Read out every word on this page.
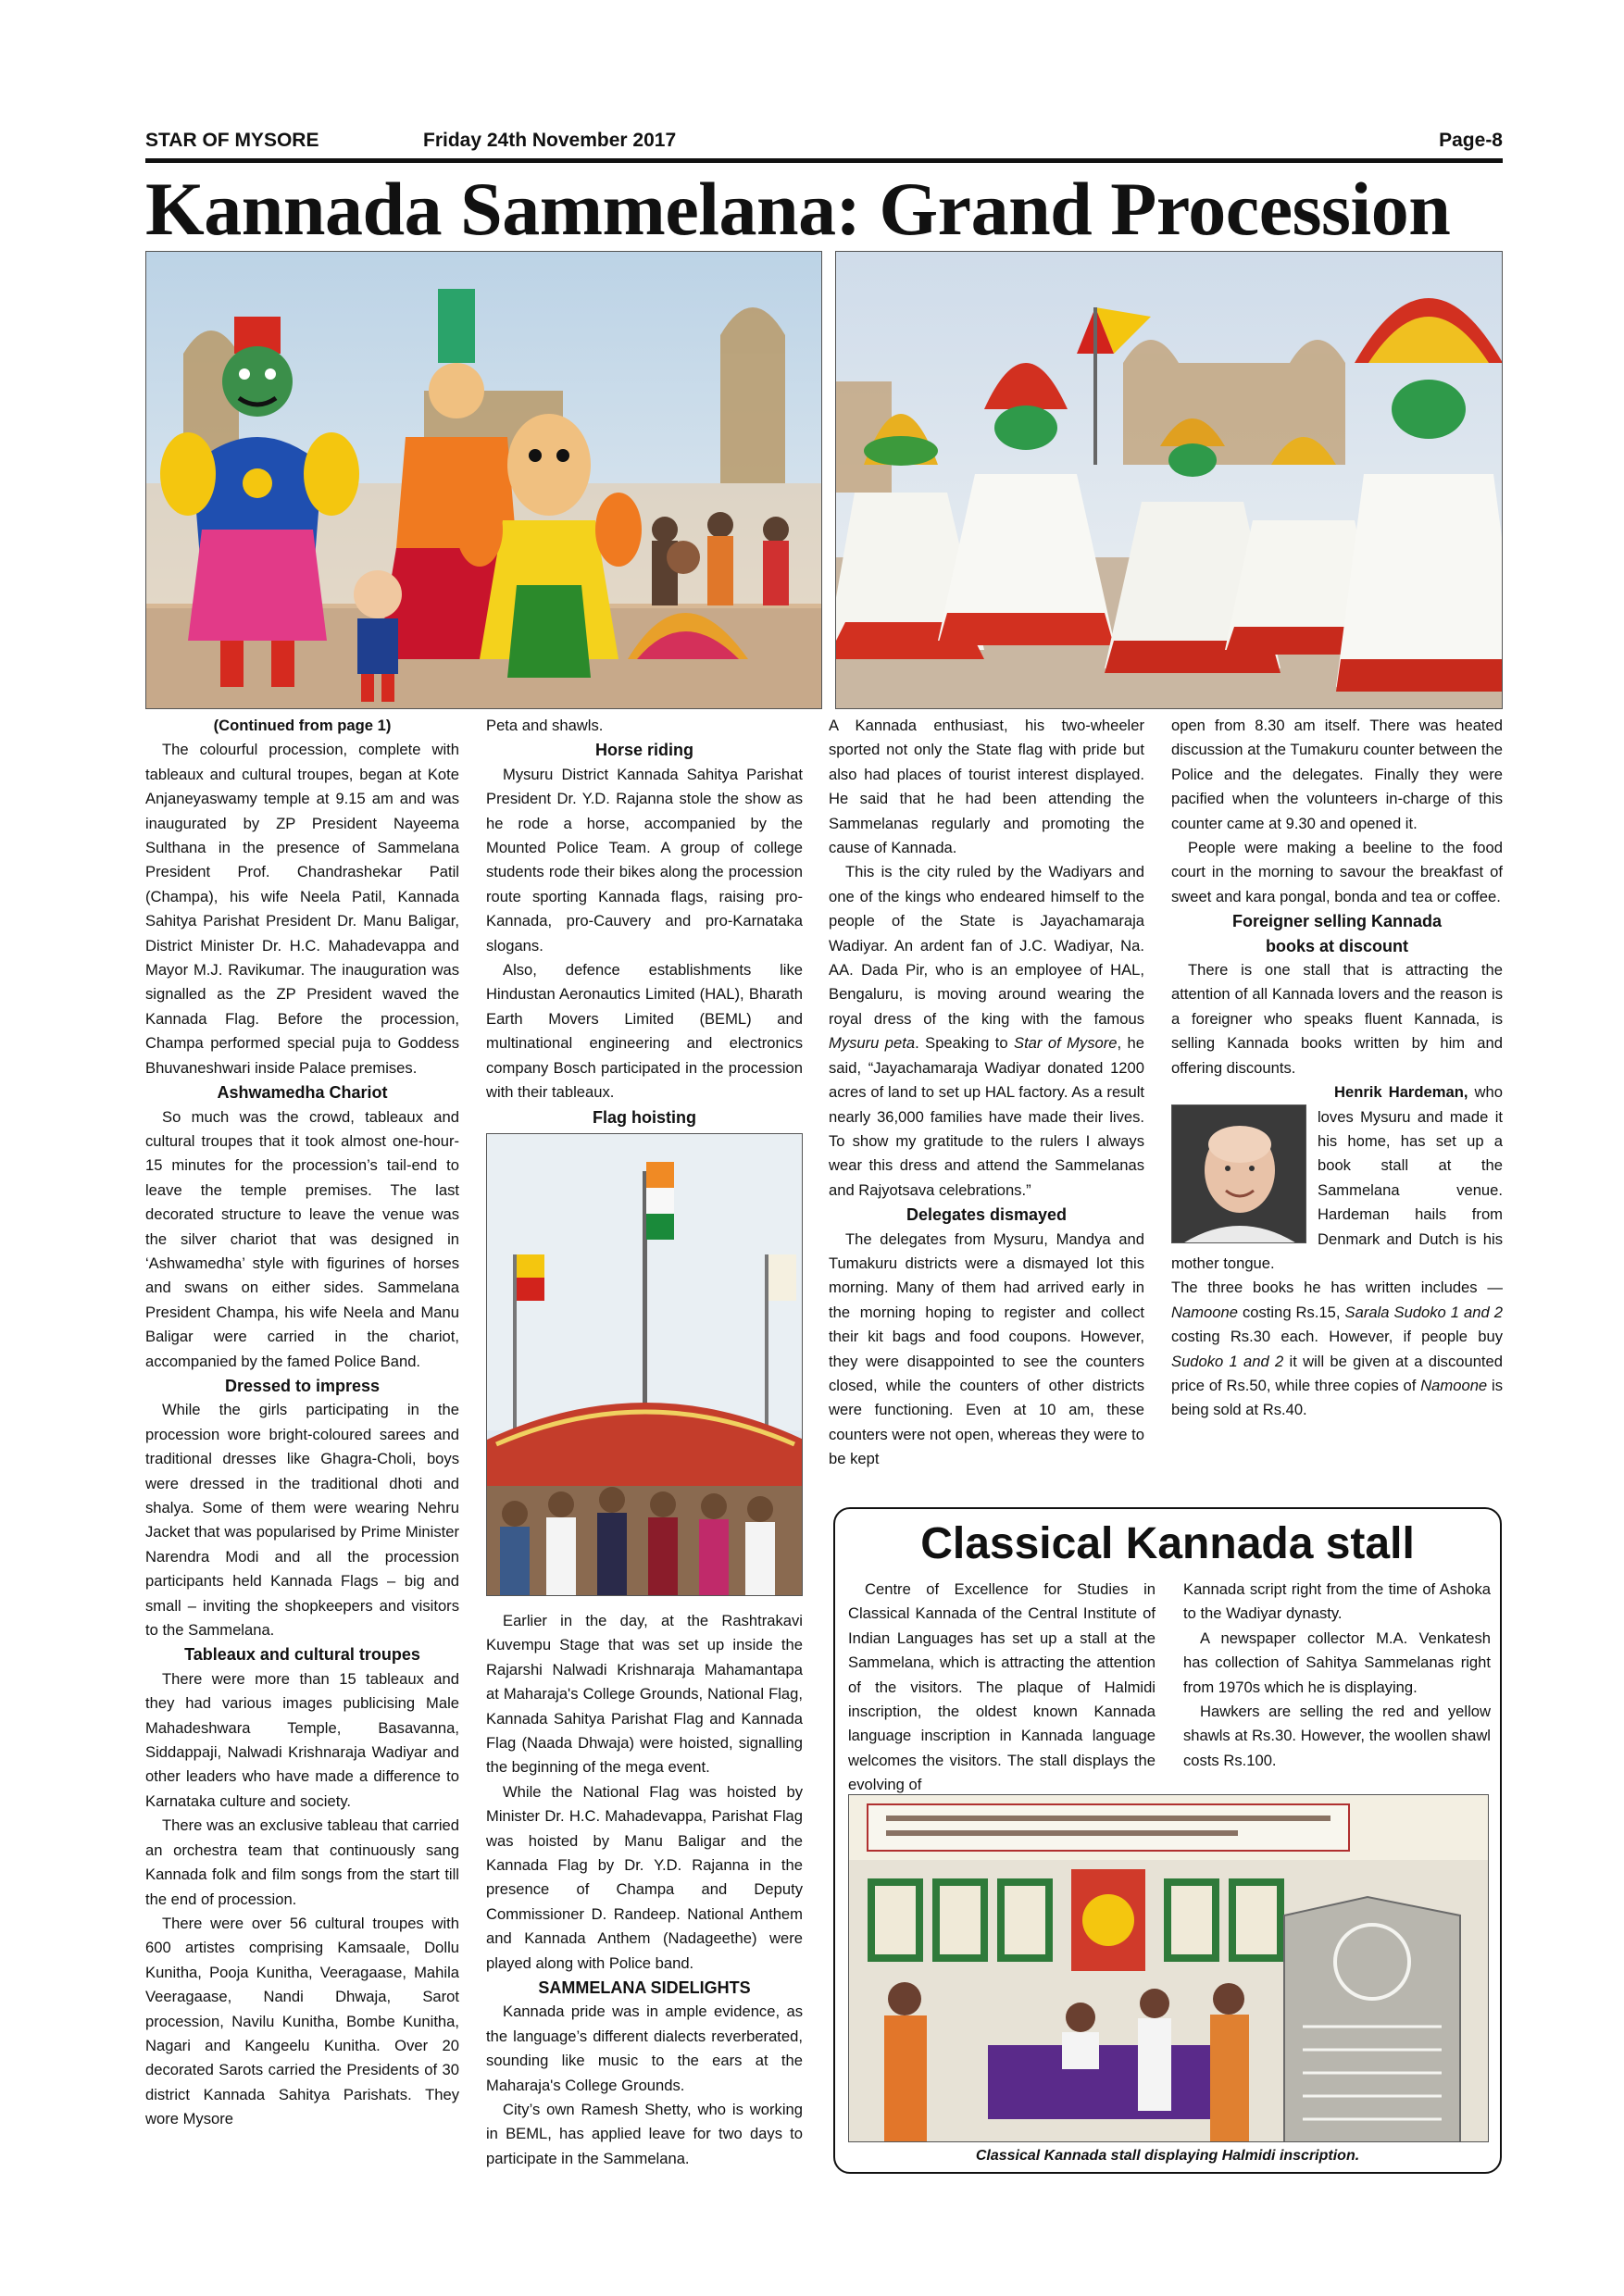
STAR OF MYSORE	Friday 24th November 2017	Page-8
Kannada Sammelana: Grand Procession
(Continued from page 1)

The colourful procession, complete with tableaux and cultural troupes, began at Kote Anjaneyaswamy temple at 9.15 am and was inaugurated by ZP President Nayeema Sulthana in the presence of Sammelana President Prof. Chandrashekar Patil (Champa), his wife Neela Patil, Kannada Sahitya Parishat President Dr. Manu Baligar, District Minister Dr. H.C. Mahadevappa and Mayor M.J. Ravikumar. The inauguration was signalled as the ZP President waved the Kannada Flag. Before the procession, Champa performed special puja to Goddess Bhuvaneshwari inside Palace premises.

Ashwamedha Chariot

So much was the crowd, tableaux and cultural troupes that it took almost one-hour-15 minutes for the procession’s tail-end to leave the temple premises. The last decorated structure to leave the venue was the silver chariot that was designed in ‘Ashwamedha’ style with figurines of horses and swans on either sides. Sammelana President Champa, his wife Neela and Manu Baligar were carried in the chariot, accompanied by the famed Police Band.

Dressed to impress

While the girls participating in the procession wore bright-coloured sarees and traditional dresses like Ghagra-Choli, boys were dressed in the traditional dhoti and shalya. Some of them were wearing Nehru Jacket that was popularised by Prime Minister Narendra Modi and all the procession participants held Kannada Flags – big and small – inviting the shopkeepers and visitors to the Sammelana.

Tableaux and cultural troupes

There were more than 15 tableaux and they had various images publicising Male Mahadeshwara Temple, Basavanna, Siddappaji, Nalwadi Krishnaraja Wadiyar and other leaders who have made a difference to Karnataka culture and society.

There was an exclusive tableau that carried an orchestra team that continuously sang Kannada folk and film songs from the start till the end of procession.

There were over 56 cultural troupes with 600 artistes comprising Kamsaale, Dollu Kunitha, Pooja Kunitha, Veeragaase, Mahila Veeragaase, Nandi Dhwaja, Sarot procession, Navilu Kunitha, Bombe Kunitha, Nagari and Kangeelu Kunitha. Over 20 decorated Sarots carried the Presidents of 30 district Kannada Sahitya Parishats. They wore Mysore

Peta and shawls.

Horse riding

Mysuru District Kannada Sahitya Parishat President Dr. Y.D. Rajanna stole the show as he rode a horse, accompanied by the Mounted Police Team. A group of college students rode their bikes along the procession route sporting Kannada flags, raising pro-Kannada, pro-Cauvery and pro-Karnataka slogans.

Also, defence establishments like Hindustan Aeronautics Limited (HAL), Bharath Earth Movers Limited (BEML) and multinational engineering and electronics company Bosch participated in the procession with their tableaux.

Flag hoisting

Earlier in the day, at the Rashtrakavi Kuvempu Stage that was set up inside the Rajarshi Nalwadi Krishnaraja Mahamantapa at Maharaja's College Grounds, National Flag, Kannada Sahitya Parishat Flag and Kannada Flag (Naada Dhwaja) were hoisted, signalling the beginning of the mega event.

While the National Flag was hoisted by Minister Dr. H.C. Mahadevappa, Parishat Flag was hoisted by Manu Baligar and the Kannada Flag by Dr. Y.D. Rajanna in the presence of Champa and Deputy Commissioner D. Randeep. National Anthem and Kannada Anthem (Nadageethe) were played along with Police band.

SAMMELANA SIDELIGHTS

Kannada pride was in ample evidence, as the language’s different dialects reverberated, sounding like music to the ears at the Maharaja's College Grounds.

City’s own Ramesh Shetty, who is working in BEML, has applied leave for two days to participate in the Sammelana.

A Kannada enthusiast, his two-wheeler sported not only the State flag with pride but also had places of tourist interest displayed. He said that he had been attending the Sammelanas regularly and promoting the cause of Kannada.

This is the city ruled by the Wadiyars and one of the kings who endeared himself to the people of the State is Jayachamaraja Wadiyar. An ardent fan of J.C. Wadiyar, Na. AA. Dada Pir, who is an employee of HAL, Bengaluru, is moving around wearing the royal dress of the king with the famous Mysuru peta. Speaking to Star of Mysore, he said, “Jayachamaraja Wadiyar donated 1200 acres of land to set up HAL factory. As a result nearly 36,000 families have made their lives. To show my gratitude to the rulers I always wear this dress and attend the Sammelanas and Rajyotsava celebrations.”

Delegates dismayed

The delegates from Mysuru, Mandya and Tumakuru districts were a dismayed lot this morning. Many of them had arrived early in the morning hoping to register and collect their kit bags and food coupons. However, they were disappointed to see the counters closed, while the counters of other districts were functioning. Even at 10 am, these counters were not open, whereas they were to be kept

open from 8.30 am itself. There was heated discussion at the Tumakuru counter between the Police and the delegates. Finally they were pacified when the volunteers in-charge of this counter came at 9.30 and opened it.

People were making a beeline to the food court in the morning to savour the breakfast of sweet and kara pongal, bonda and tea or coffee.

Foreigner selling Kannada
books at discount

There is one stall that is attracting the attention of all Kannada lovers and the reason is a foreigner who speaks fluent Kannada, is selling Kannada books written by him and offering discounts.

Henrik Hardeman, who loves Mysuru and made it his home, has set up a book stall at the Sammelana venue. Hardeman hails from Denmark and Dutch is his mother tongue.

The three books he has written includes — Namoone costing Rs.15, Sarala Sudoko 1 and 2 costing Rs.30 each. However, if people buy Sudoko 1 and 2 it will be given at a discounted price of Rs.50, while three copies of Namoone is being sold at Rs.40.

Classical Kannada stall

Centre of Excellence for Studies in Classical Kannada of the Central Institute of Indian Languages has set up a stall at the Sammelana, which is attracting the attention of the visitors. The plaque of Halmidi inscription, the oldest known Kannada language inscription in Kannada language welcomes the visitors. The stall displays the evolving of

Kannada script right from the time of Ashoka to the Wadiyar dynasty.

A newspaper collector M.A. Venkatesh has collection of Sahitya Sammelanas right from 1970s which he is displaying.

Hawkers are selling the red and yellow shawls at Rs.30. However, the woollen shawl costs Rs.100.

Classical Kannada stall displaying Halmidi inscription.
